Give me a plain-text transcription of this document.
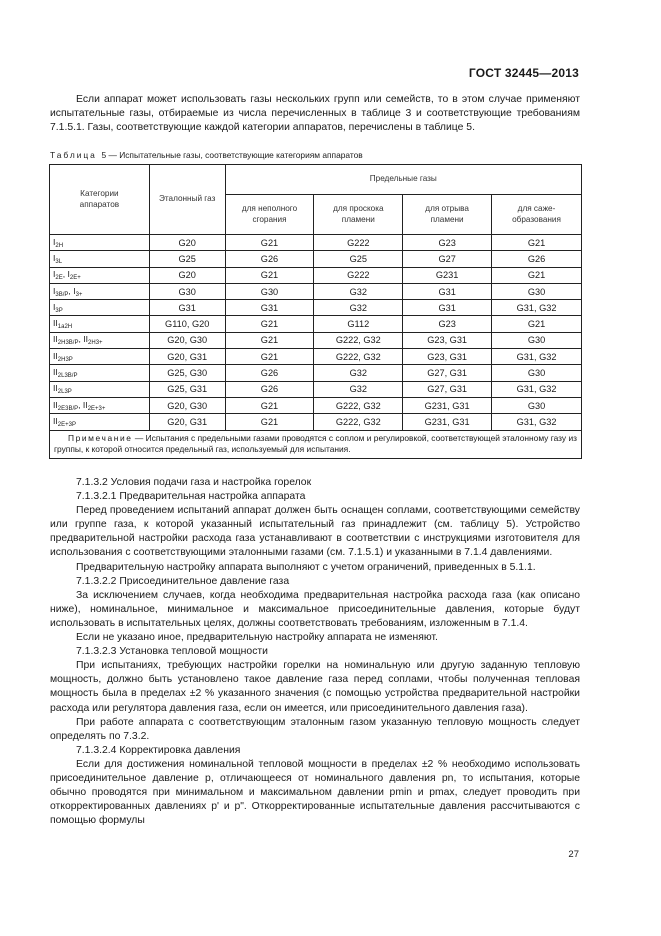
ГОСТ 32445—2013

Если аппарат может использовать газы нескольких групп или семейств, то в этом случае применяют испытательные газы, отбираемые из числа перечисленных в таблице 3 и соответствующие требованиям 7.1.5.1. Газы, соответствующие каждой категории аппаратов, перечислены в таблице 5.

Таблица 5 — Испытательные газы, соответствующие категориям аппаратов
Категории аппаратов	Эталонный газ	Предельные газы			
		для неполного сгорания	для проскока пламени	для отрыва пламени	для саже-образования
$I_{2H}$	G20	G21	G222	G23	G21
$I_{3L}$	G25	G26	G25	G27	G26
$I_{2E}$, $I_{2E+}$	G20	G21	G222	G231	G21
$I_{3B/P}$, $I_{3+}$	G30	G30	G32	G31	G30
$I_{3P}$	G31	G31	G32	G31	G31, G32
$II_{1a2H}$	G110, G20	G21	G112	G23	G21
$II_{2H3B/P}$, $II_{2H3+}$	G20, G30	G21	G222, G32	G23, G31	G30
$II_{2H3P}$	G20, G31	G21	G222, G32	G23, G31	G31, G32
$II_{2L3B/P}$	G25, G30	G26	G32	G27, G31	G30
$II_{2L3P}$	G25, G31	G26	G32	G27, G31	G31, G32
$II_{2E3B/P}$, $II_{2E+3+}$	G20, G30	G21	G222, G32	G231, G31	G30
$II_{2E+3P}$	G20, G31	G21	G222, G32	G231, G31	G31, G32
Примечание — Испытания с предельными газами проводятся с соплом и регулировкой, соответствующей эталонному газу из группы, к которой относится предельный газ, используемый для испытания.					

7.1.3.2 Условия подачи газа и настройка горелок

7.1.3.2.1 Предварительная настройка аппарата

Перед проведением испытаний аппарат должен быть оснащен соплами, соответствующими семейству или группе газа, к которой указанный испытательный газ принадлежит (см. таблицу 5). Устройство предварительной настройки расхода газа устанавливают в соответствии с инструкциями изготовителя для использования с соответствующими эталонными газами (см. 7.1.5.1) и указанными в 7.1.4 давлениями.

Предварительную настройку аппарата выполняют с учетом ограничений, приведенных в 5.1.1.

7.1.3.2.2 Присоединительное давление газа

За исключением случаев, когда необходима предварительная настройка расхода газа (как описано ниже), номинальное, минимальное и максимальное присоединительные давления, которые будут использовать в испытательных целях, должны соответствовать требованиям, изложенным в 7.1.4.

Если не указано иное, предварительную настройку аппарата не изменяют.

7.1.3.2.3 Установка тепловой мощности

При испытаниях, требующих настройки горелки на номинальную или другую заданную тепловую мощность, должно быть установлено такое давление газа перед соплами, чтобы полученная тепловая мощность была в пределах ±2 % указанного значения (с помощью устройства предварительной настройки расхода или регулятора давления газа, если он имеется, или присоединительного давления газа).

При работе аппарата с соответствующим эталонным газом указанную тепловую мощность следует определять по 7.3.2.

7.1.3.2.4 Корректировка давления

Если для достижения номинальной тепловой мощности в пределах ±2 % необходимо использовать присоединительное давление p, отличающееся от номинального давления pn, то испытания, которые обычно проводятся при минимальном и максимальном давлении pmin и pmax, следует проводить при откорректированных давлениях p' и p". Откорректированные испытательные давления рассчитываются с помощью формулы

27
